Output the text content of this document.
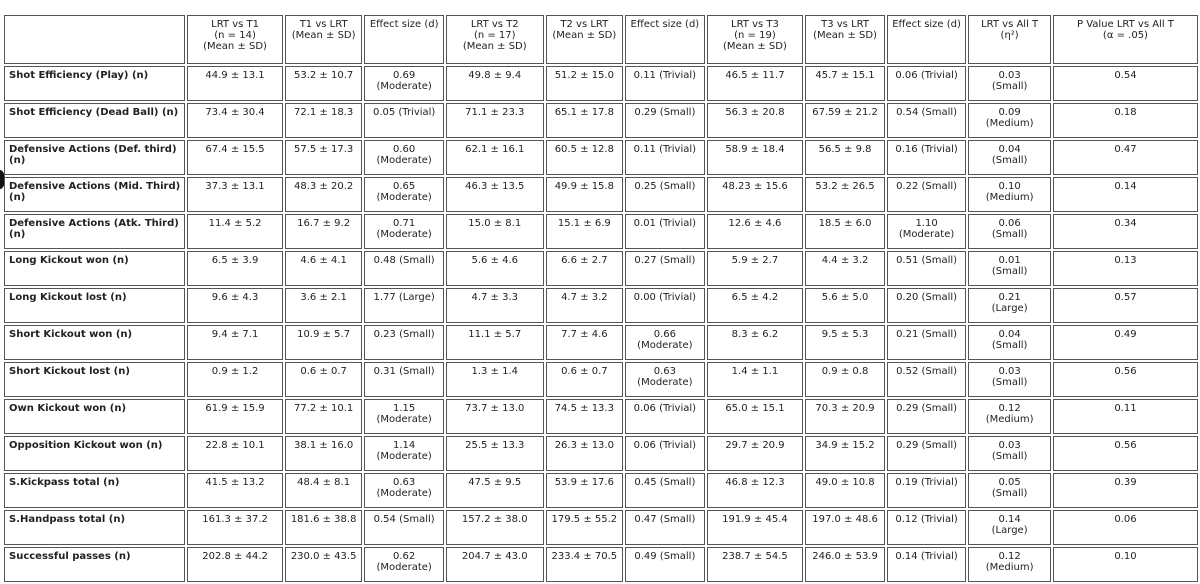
	LRT vs T1
(n = 14)
(Mean ± SD)	T1 vs LRT
(Mean ± SD)	Effect size (d)	LRT vs T2
(n = 17)
(Mean ± SD)	T2 vs LRT
(Mean ± SD)	Effect size (d)	LRT vs T3
(n = 19)
(Mean ± SD)	T3 vs LRT
(Mean ± SD)	Effect size (d)	LRT vs All T
(η²)	P Value LRT vs All T
(α = .05)

Shot Efficiency (Play) (n)	44.9 ± 13.1	53.2 ± 10.7	0.69
(Moderate)	49.8 ± 9.4	51.2 ± 15.0	0.11 (Trivial)	46.5 ± 11.7	45.7 ± 15.1	0.06 (Trivial)	0.03
(Small)	0.54

Shot Efficiency (Dead Ball) (n)	73.4 ± 30.4	72.1 ± 18.3	0.05 (Trivial)	71.1 ± 23.3	65.1 ± 17.8	0.29 (Small)	56.3 ± 20.8	67.59 ± 21.2	0.54 (Small)	0.09
(Medium)	0.18

Defensive Actions (Def. third)
(n)	67.4 ± 15.5	57.5 ± 17.3	0.60
(Moderate)	62.1 ± 16.1	60.5 ± 12.8	0.11 (Trivial)	58.9 ± 18.4	56.5 ± 9.8	0.16 (Trivial)	0.04
(Small)	0.47

Defensive Actions (Mid. Third)
(n)	37.3 ± 13.1	48.3 ± 20.2	0.65
(Moderate)	46.3 ± 13.5	49.9 ± 15.8	0.25 (Small)	48.23 ± 15.6	53.2 ± 26.5	0.22 (Small)	0.10
(Medium)	0.14

Defensive Actions (Atk. Third)
(n)	11.4 ± 5.2	16.7 ± 9.2	0.71
(Moderate)	15.0 ± 8.1	15.1 ± 6.9	0.01 (Trivial)	12.6 ± 4.6	18.5 ± 6.0	1.10
(Moderate)	0.06
(Small)	0.34

Long Kickout won (n)	6.5 ± 3.9	4.6 ± 4.1	0.48 (Small)	5.6 ± 4.6	6.6 ± 2.7	0.27 (Small)	5.9 ± 2.7	4.4 ± 3.2	0.51 (Small)	0.01
(Small)	0.13

Long Kickout lost (n)	9.6 ± 4.3	3.6 ± 2.1	1.77 (Large)	4.7 ± 3.3	4.7 ± 3.2	0.00 (Trivial)	6.5 ± 4.2	5.6 ± 5.0	0.20 (Small)	0.21
(Large)	0.57

Short Kickout won (n)	9.4 ± 7.1	10.9 ± 5.7	0.23 (Small)	11.1 ± 5.7	7.7 ± 4.6	0.66
(Moderate)	8.3 ± 6.2	9.5 ± 5.3	0.21 (Small)	0.04
(Small)	0.49

Short Kickout lost (n)	0.9 ± 1.2	0.6 ± 0.7	0.31 (Small)	1.3 ± 1.4	0.6 ± 0.7	0.63
(Moderate)	1.4 ± 1.1	0.9 ± 0.8	0.52 (Small)	0.03
(Small)	0.56

Own Kickout won (n)	61.9 ± 15.9	77.2 ± 10.1	1.15
(Moderate)	73.7 ± 13.0	74.5 ± 13.3	0.06 (Trivial)	65.0 ± 15.1	70.3 ± 20.9	0.29 (Small)	0.12
(Medium)	0.11

Opposition Kickout won (n)	22.8 ± 10.1	38.1 ± 16.0	1.14
(Moderate)	25.5 ± 13.3	26.3 ± 13.0	0.06 (Trivial)	29.7 ± 20.9	34.9 ± 15.2	0.29 (Small)	0.03
(Small)	0.56

S.Kickpass total (n)	41.5 ± 13.2	48.4 ± 8.1	0.63
(Moderate)	47.5 ± 9.5	53.9 ± 17.6	0.45 (Small)	46.8 ± 12.3	49.0 ± 10.8	0.19 (Trivial)	0.05
(Small)	0.39

S.Handpass total (n)	161.3 ± 37.2	181.6 ± 38.8	0.54 (Small)	157.2 ± 38.0	179.5 ± 55.2	0.47 (Small)	191.9 ± 45.4	197.0 ± 48.6	0.12 (Trivial)	0.14
(Large)	0.06

Successful passes (n)	202.8 ± 44.2	230.0 ± 43.5	0.62
(Moderate)	204.7 ± 43.0	233.4 ± 70.5	0.49 (Small)	238.7 ± 54.5	246.0 ± 53.9	0.14 (Trivial)	0.12
(Medium)	0.10
